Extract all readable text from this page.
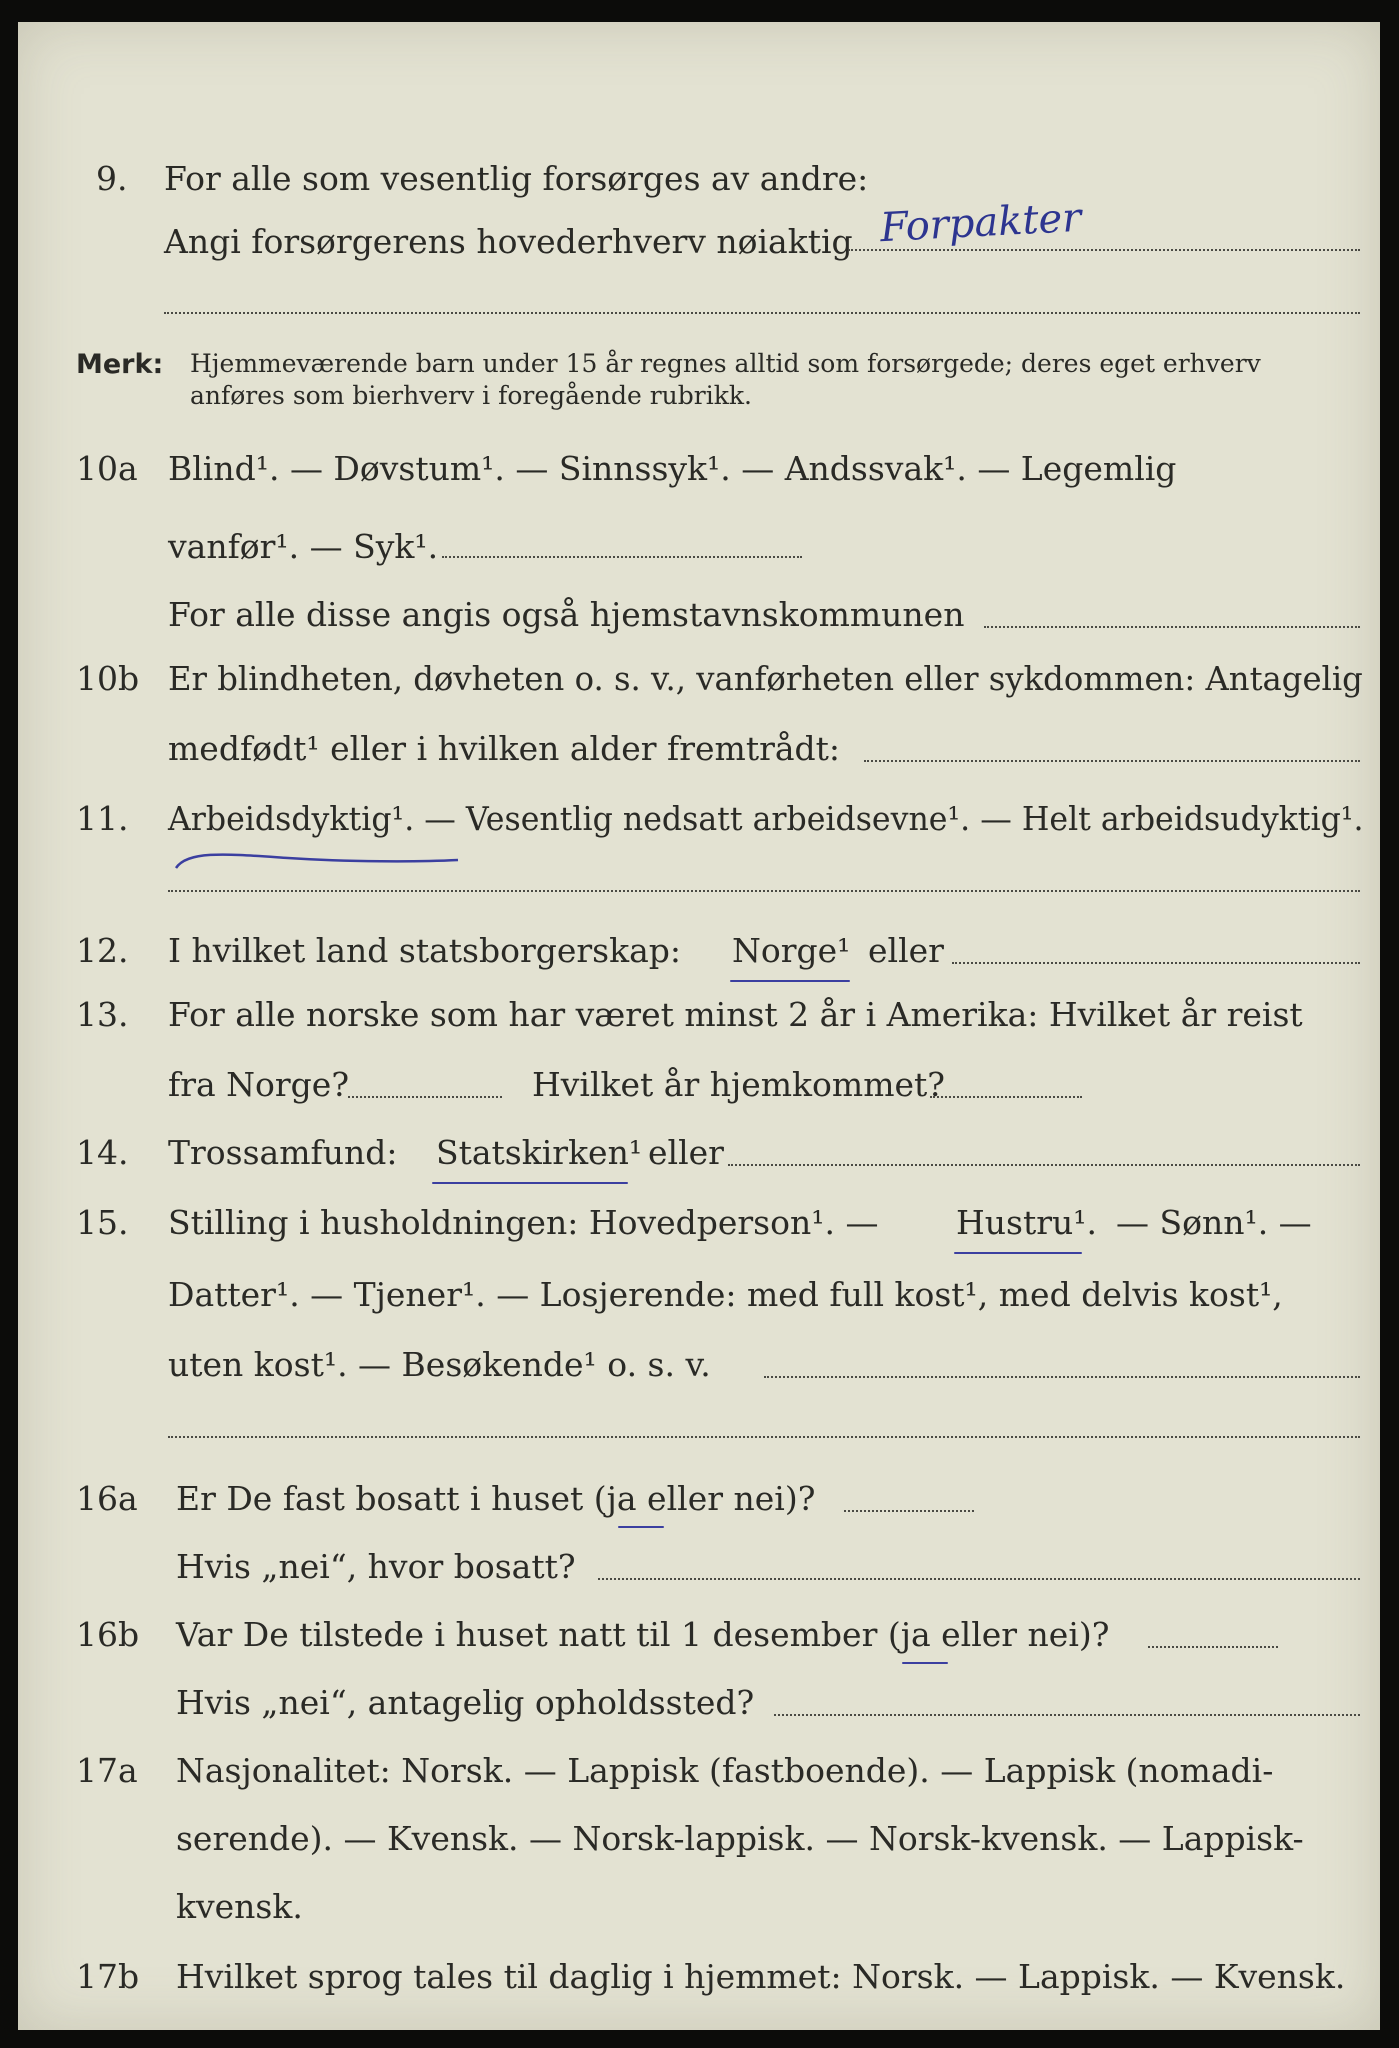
9. For alle som vesentlig forsørges av andre:
Angi forsørgerens hovederhverv nøiaktig Forpakter
Merk: Hjemmeværende barn under 15 år regnes alltid som forsørgede; deres eget erhverv
anføres som bierhverv i foregående rubrikk.
10a Blind¹. — Døvstum¹. — Sinnssyk¹. — Andssvak¹. — Legemlig
vanfør¹. — Syk¹.
For alle disse angis også hjemstavnskommunen
10b Er blindheten, døvheten o. s. v., vanførheten eller sykdommen: Antagelig
medfødt¹ eller i hvilken alder fremtrådt:
11. Arbeidsdyktig¹. — Vesentlig nedsatt arbeidsevne¹. — Helt arbeidsudyktig¹.
12. I hvilket land statsborgerskap: Norge¹ eller
13. For alle norske som har været minst 2 år i Amerika: Hvilket år reist
fra Norge?	Hvilket år hjemkommet?
14. Trossamfund: Statskirken¹ eller
15. Stilling i husholdningen: Hovedperson¹. — Hustru¹. — Sønn¹. —
Datter¹. — Tjener¹. — Losjerende: med full kost¹, med delvis kost¹,
uten kost¹. — Besøkende¹ o. s. v.
16a Er De fast bosatt i huset (ja eller nei)?
Hvis „nei“, hvor bosatt?
16b Var De tilstede i huset natt til 1 desember (ja eller nei)?
Hvis „nei“, antagelig opholdssted?
17a Nasjonalitet: Norsk. — Lappisk (fastboende). — Lappisk (nomadi-
serende). — Kvensk. — Norsk-lappisk. — Norsk-kvensk. — Lappisk-
kvensk.
17b Hvilket sprog tales til daglig i hjemmet: Norsk. — Lappisk. — Kvensk.
